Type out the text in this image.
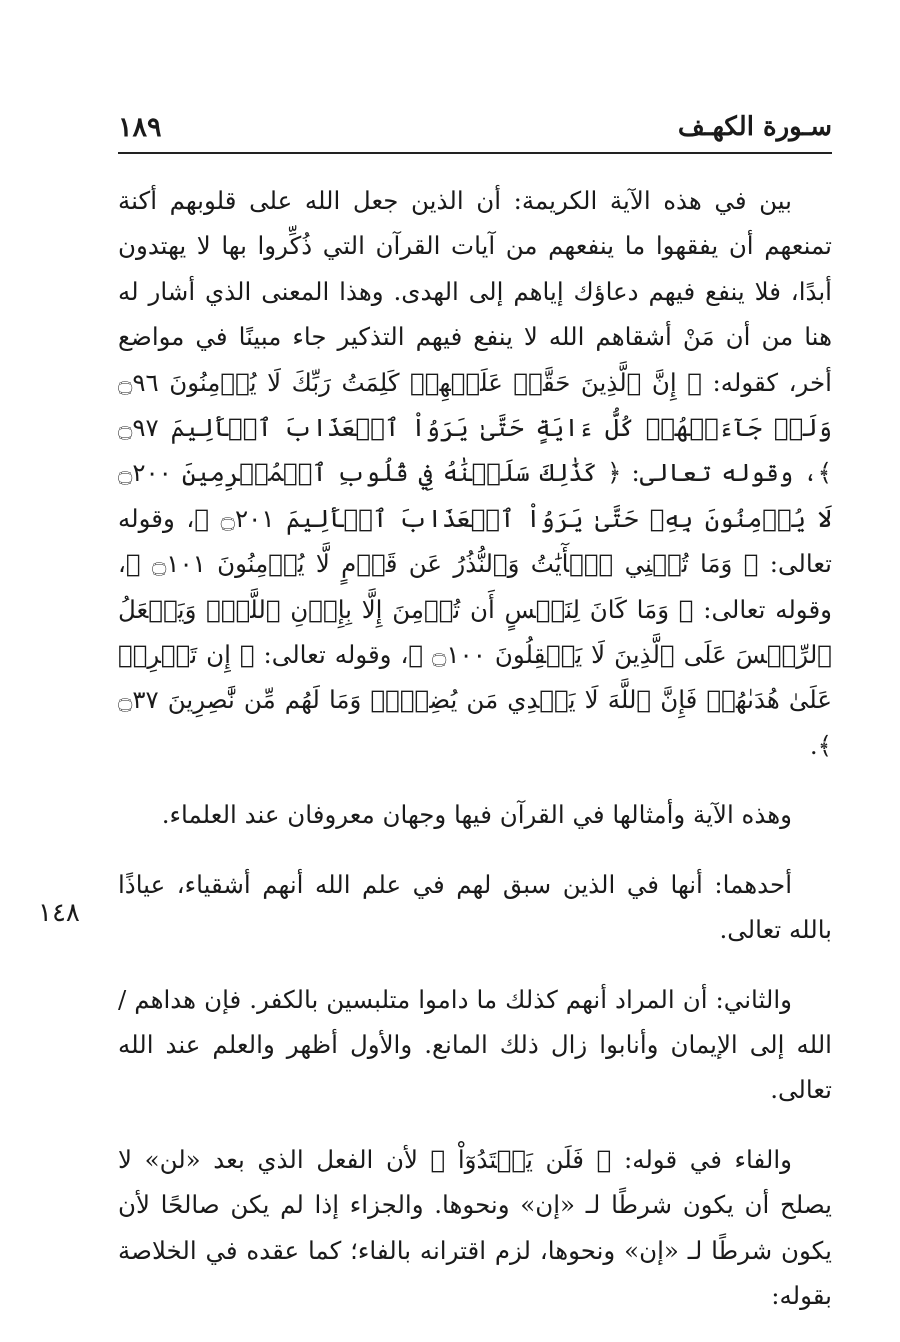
١٨٩	سـورة الكهـف
١٤٨

بين في هذه الآية الكريمة: أن الذين جعل الله على قلوبهم أكنة تمنعهم أن يفقهوا ما ينفعهم من آيات القرآن التي ذُكِّروا بها لا يهتدون أبدًا، فلا ينفع فيهم دعاؤك إياهم إلى الهدى. وهذا المعنى الذي أشار له هنا من أن مَنْ أشقاهم الله لا ينفع فيهم التذكير جاء مبينًا في مواضع أخر، كقوله: ﴿ إِنَّ ٱلَّذِينَ حَقَّتۡ عَلَيۡهِمۡ كَلِمَتُ رَبِّكَ لَا يُؤۡمِنُونَ ۝٩٦ وَلَوۡ جَآءَتۡهُمۡ كُلُّ ءَايَةٍ حَتَّىٰ يَرَوُاْ ٱلۡعَذَابَ ٱلۡأَلِيمَ ۝٩٧ ﴾، وقوله تعالى: ﴿ كَذَٰلِكَ سَلَكۡنَٰهُ فِي قُلُوبِ ٱلۡمُجۡرِمِينَ ۝٢٠٠ لَا يُؤۡمِنُونَ بِهِۦ حَتَّىٰ يَرَوُاْ ٱلۡعَذَابَ ٱلۡأَلِيمَ ۝٢٠١ ﴾، وقوله تعالى: ﴿ وَمَا تُغۡنِي ٱلۡأٓيَٰتُ وَٱلنُّذُرُ عَن قَوۡمٍ لَّا يُؤۡمِنُونَ ۝١٠١ ﴾، وقوله تعالى: ﴿ وَمَا كَانَ لِنَفۡسٍ أَن تُؤۡمِنَ إِلَّا بِإِذۡنِ ٱللَّهِۚ وَيَجۡعَلُ ٱلرِّجۡسَ عَلَى ٱلَّذِينَ لَا يَعۡقِلُونَ ۝١٠٠ ﴾، وقوله تعالى: ﴿ إِن تَحۡرِصۡ عَلَىٰ هُدَىٰهُمۡ فَإِنَّ ٱللَّهَ لَا يَهۡدِي مَن يُضِلُّۖ وَمَا لَهُم مِّن نَّٰصِرِينَ ۝٣٧ ﴾.

وهذه الآية وأمثالها في القرآن فيها وجهان معروفان عند العلماء.

أحدهما: أنها في الذين سبق لهم في علم الله أنهم أشقياء، عياذًا بالله تعالى.

والثاني: أن المراد أنهم كذلك ما داموا متلبسين بالكفر. فإن هداهم / الله إلى الإيمان وأنابوا زال ذلك المانع. والأول أظهر والعلم عند الله تعالى.

والفاء في قوله: ﴿ فَلَن يَهۡتَدُوٓاْ ﴾ لأن الفعل الذي بعد «لن» لا يصلح أن يكون شرطًا لـ «إن» ونحوها. والجزاء إذا لم يكن صالحًا لأن يكون شرطًا لـ «إن» ونحوها، لزم اقترانه بالفاء؛ كما عقده في الخلاصة بقوله:
